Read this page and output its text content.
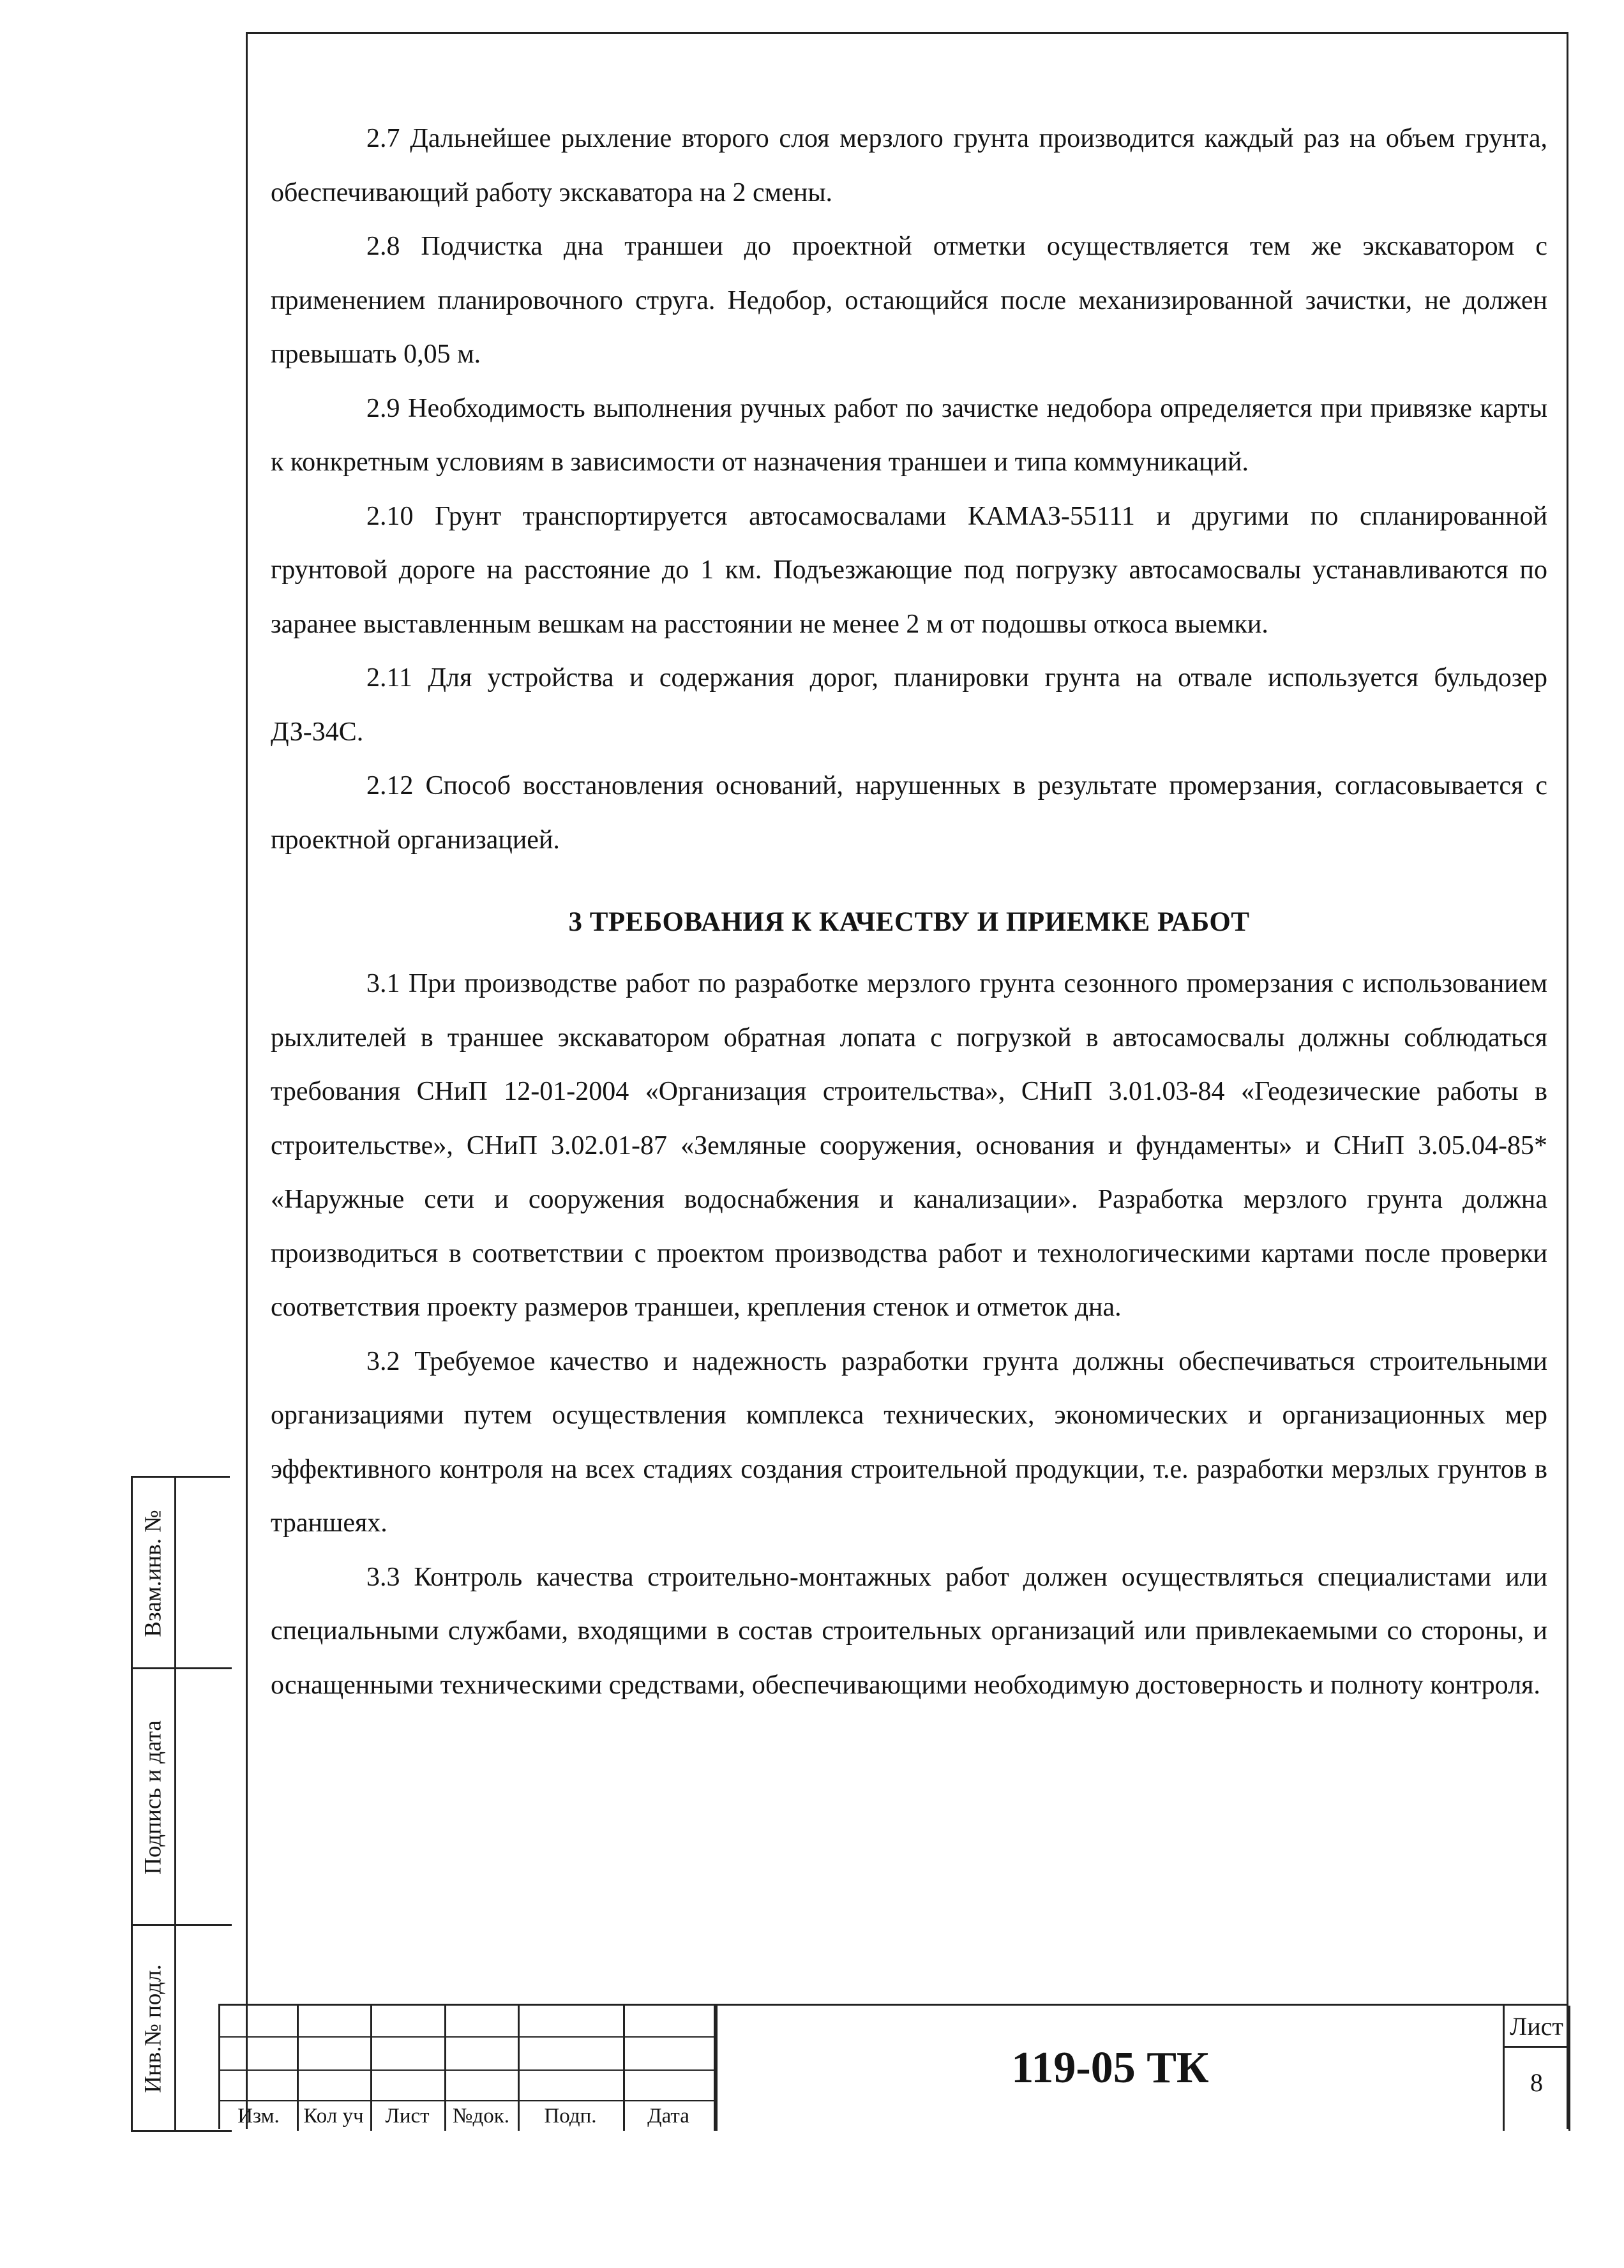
2.7 Дальнейшее рыхление второго слоя мерзлого грунта производится каждый раз на объем грунта, обеспечивающий работу экскаватора на 2 смены.

2.8 Подчистка дна траншеи до проектной отметки осуществляется тем же экскаватором с применением планировочного струга. Недобор, остающийся после механизированной зачистки, не должен превышать 0,05 м.

2.9 Необходимость выполнения ручных работ по зачистке недобора определяется при привязке карты к конкретным условиям в зависимости от назначения траншеи и типа коммуникаций.

2.10 Грунт транспортируется автосамосвалами КАМАЗ-55111 и другими по спланированной грунтовой дороге на расстояние до 1 км. Подъезжающие под погрузку автосамосвалы устанавливаются по заранее выставленным вешкам на расстоянии не менее 2 м от подошвы откоса выемки.

2.11 Для устройства и содержания дорог, планировки грунта на отвале используется бульдозер ДЗ-34С.

2.12 Способ восстановления оснований, нарушенных в результате промерзания, согласовывается с проектной организацией.

3 ТРЕБОВАНИЯ К КАЧЕСТВУ И ПРИЕМКЕ РАБОТ

3.1 При производстве работ по разработке мерзлого грунта сезонного промерзания с использованием рыхлителей в траншее экскаватором обратная лопата с погрузкой в автосамосвалы должны соблюдаться требования СНиП 12-01-2004 «Организация строительства», СНиП 3.01.03-84 «Геодезические работы в строительстве», СНиП 3.02.01-87 «Земляные сооружения, основания и фундаменты» и СНиП 3.05.04-85* «Наружные сети и сооружения водоснабжения и канализации». Разработка мерзлого грунта должна производиться в соответствии с проектом производства работ и технологическими картами после проверки соответствия проекту размеров траншеи, крепления стенок и отметок дна.

3.2 Требуемое качество и надежность разработки грунта должны обеспечиваться строительными организациями путем осуществления комплекса технических, экономических и организационных мер эффективного контроля на всех стадиях создания строительной продукции, т.е. разработки мерзлых грунтов в траншеях.

3.3 Контроль качества строительно-монтажных работ должен осуществляться специалистами или специальными службами, входящими в состав строительных организаций или привлекаемыми со стороны, и оснащенными техническими средствами, обеспечивающими необходимую достоверность и полноту контроля.

Взам.инв. №
Подпись и дата
Инв.№ подл.
Изм.	Кол уч	Лист	№док.	Подп.	Дата
119-05 ТК
Лист
8
